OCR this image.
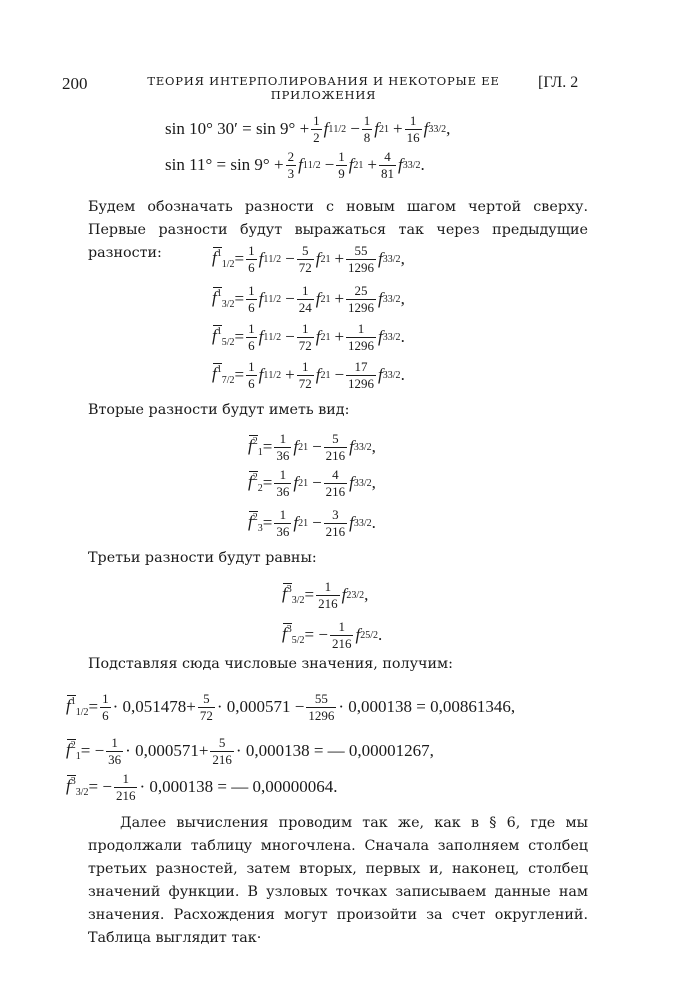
200	ТЕОРИЯ ИНТЕРПОЛИРОВАНИЯ И НЕКОТОРЫЕ ЕЕ ПРИЛОЖЕНИЯ
[ГЛ. 2
sin 10° $30' = \sin 9^\circ + \frac{1}{2}$ f 1 $1/2 - \frac{1}{8}$ f 2 $1 + \frac{1}{16}$ f 3 3/2 ,
$\sin 11^\circ = \sin 9^\circ + \frac{2}{3}$ f 1 $1/2 - \frac{1}{9}$ f 2 $1 + \frac{4}{81}$ f 3 3/2 .
Будем обозначать разности с новым шагом чертой сверху. Первые разности будут выражаться так через предыдущие разности:	$f^1_{1/2} = \frac{1}{6}$ f 1 $1/2 - \frac{5}{72}$ f 2 $1 + \frac{55}{1296}$ f 3 3/2 ,
$f^1_{3/2} = \frac{1}{6}$ f 1 $1/2 - \frac{1}{24}$ f 2 $1 + \frac{25}{1296}$ f 3 3/2 ,
$f^1_{5/2} = \frac{1}{6}$ f 1 $1/2 - \frac{1}{72}$ f 2 $1 + \frac{1}{1296}$ f 3 3/2 .
$f^1_{7/2} = \frac{1}{6}$ f 1 $1/2 + \frac{1}{72}$ f 2 $1 - \frac{17}{1296}$ f 3 3/2 .
Вторые разности будут иметь вид:
$f^2_1 = \frac{1}{36}$ f 2 $1 - \frac{5}{216}$ f 3 3/2 ,
$f^2_2 = \frac{1}{36}$ f 2 $1 - \frac{4}{216}$ f 3 3/2 ,
$f^2_3 = \frac{1}{36}$ f 2 $1 - \frac{3}{216}$ f 3 3/2 .
Третьи разности будут равны:
$f^3_{3/2} = \frac{1}{216}$ f 2 3/2 ,
$f^3_{5/2}$ = − $\frac{1}{216}$ f 2 5/2 .
Подставляя сюда числовые значения, получим:
$f^1_{1/2} = \frac{1}{6} \cdot 0,051478+ \frac{5}{72} \cdot 0,000571 - \frac{55}{1296} \cdot 0,000138 = 0,00861346$,
$f^2_1$ = − $\frac{1}{36} \cdot 0,000571+ \frac{5}{216} \cdot 0,000138$ = — 0,00001267,
$f^3_{3/2}$ = − $\frac{1}{216} \cdot 0,000138$ = — 0,00000064.
Далее вычисления проводим так же, как в § 6, где мы продолжали таблицу многочлена. Сначала заполняем столбец третьих разностей, затем вторых, первых и, наконец, столбец значений функции. В узловых точках записываем данные нам значения. Расхождения могут произойти за счет округлений. Таблица выглядит так·
